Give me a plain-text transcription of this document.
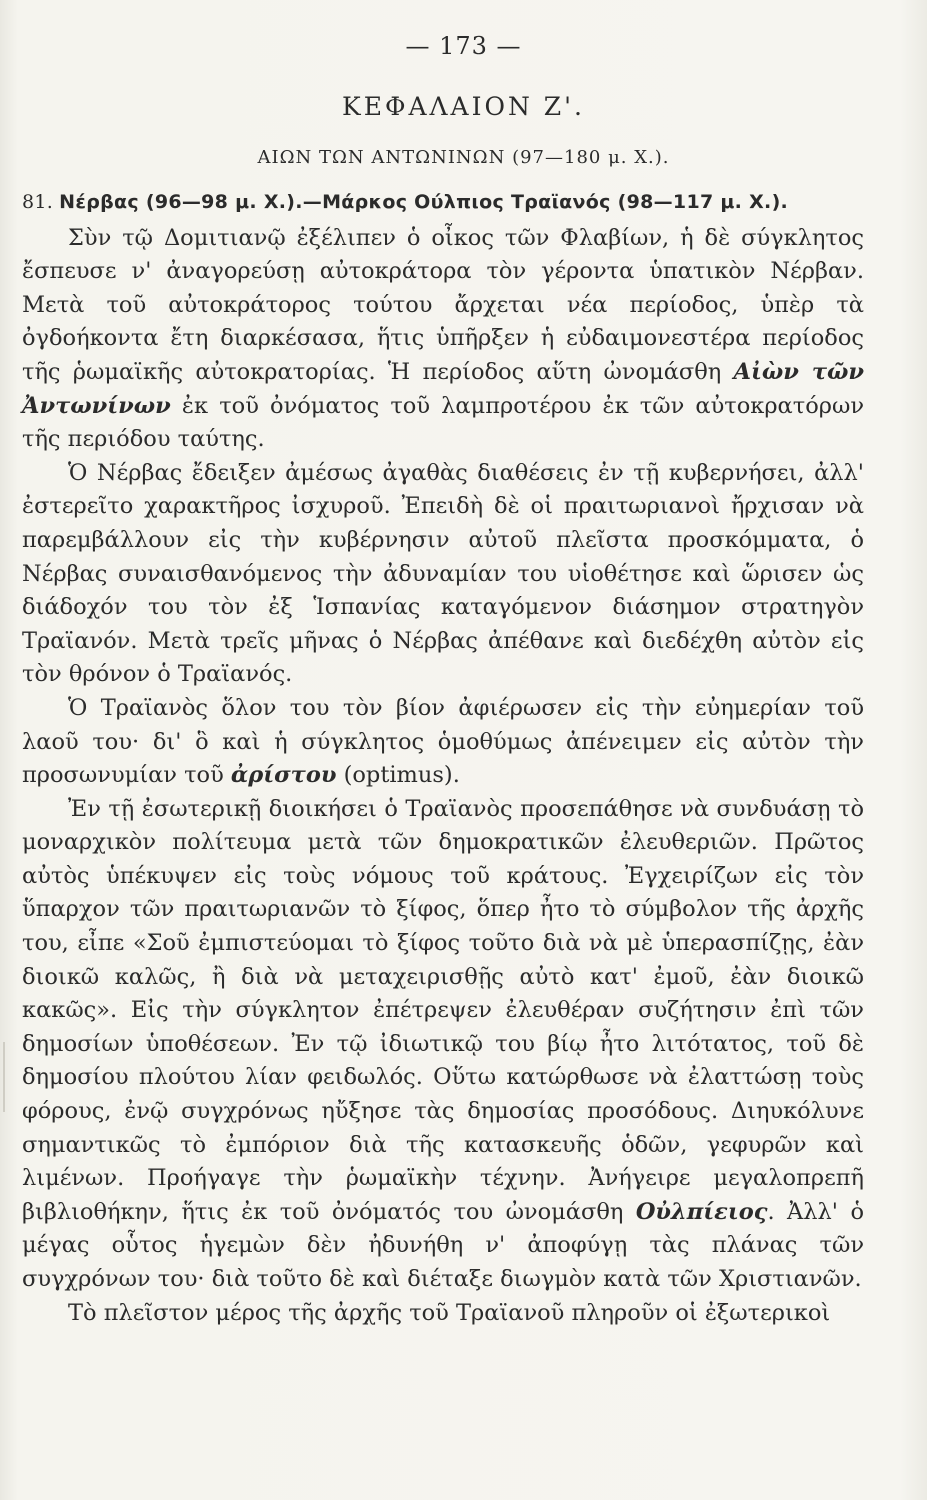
— 173 —
ΚΕΦΑΛΑΙΟΝ Ζ'.
ΑΙΩΝ ΤΩΝ ΑΝΤΩΝΙΝΩΝ (97—180 μ. Χ.).

81. Νέρβας (96—98 μ. Χ.).—Μάρκος Ούλπιος Τραϊανός (98—117 μ. Χ.).

Σὺν τῷ Δομιτιανῷ ἐξέλιπεν ὁ οἶκος τῶν Φλαβίων, ἡ δὲ σύγκλητος ἔσπευσε ν' ἀναγορεύσῃ αὐτοκράτορα τὸν γέροντα ὑπατικὸν Νέρβαν. Μετὰ τοῦ αὐτοκράτορος τούτου ἄρχεται νέα περίοδος, ὑπὲρ τὰ ὀγδοήκοντα ἔτη διαρκέσασα, ἥτις ὑπῆρξεν ἡ εὐδαιμονεστέρα περίοδος τῆς ῥωμαϊκῆς αὐτοκρατορίας. Ἡ περίοδος αὕτη ὠνομάσθη Αἰὼν τῶν Ἀντωνίνων ἐκ τοῦ ὀνόματος τοῦ λαμπροτέρου ἐκ τῶν αὐτοκρατόρων τῆς περιόδου ταύτης.

Ὁ Νέρβας ἔδειξεν ἀμέσως ἀγαθὰς διαθέσεις ἐν τῇ κυβερνήσει, ἀλλ' ἐστερεῖτο χαρακτῆρος ἰσχυροῦ. Ἐπειδὴ δὲ οἱ πραιτωριανοὶ ἤρχισαν νὰ παρεμβάλλουν εἰς τὴν κυβέρνησιν αὐτοῦ πλεῖστα προσκόμματα, ὁ Νέρβας συναισθανόμενος τὴν ἀδυναμίαν του υἱοθέτησε καὶ ὥρισεν ὡς διάδοχόν του τὸν ἐξ Ἱσπανίας καταγόμενον διάσημον στρατηγὸν Τραϊανόν. Μετὰ τρεῖς μῆνας ὁ Νέρβας ἀπέθανε καὶ διεδέχθη αὐτὸν εἰς τὸν θρόνον ὁ Τραϊανός.

Ὁ Τραϊανὸς ὅλον του τὸν βίον ἀφιέρωσεν εἰς τὴν εὐημερίαν τοῦ λαοῦ του· δι' ὃ καὶ ἡ σύγκλητος ὁμοθύμως ἀπένειμεν εἰς αὐτὸν τὴν προσωνυμίαν τοῦ ἀρίστου (optimus).

Ἐν τῇ ἐσωτερικῇ διοικήσει ὁ Τραϊανὸς προσεπάθησε νὰ συνδυάσῃ τὸ μοναρχικὸν πολίτευμα μετὰ τῶν δημοκρατικῶν ἐλευθεριῶν. Πρῶτος αὐτὸς ὑπέκυψεν εἰς τοὺς νόμους τοῦ κράτους. Ἐγχειρίζων εἰς τὸν ὕπαρχον τῶν πραιτωριανῶν τὸ ξίφος, ὅπερ ἦτο τὸ σύμβολον τῆς ἀρχῆς του, εἶπε «Σοῦ ἐμπιστεύομαι τὸ ξίφος τοῦτο διὰ νὰ μὲ ὑπερασπίζῃς, ἐὰν διοικῶ καλῶς, ἢ διὰ νὰ μεταχειρισθῇς αὐτὸ κατ' ἐμοῦ, ἐὰν διοικῶ κακῶς». Εἰς τὴν σύγκλητον ἐπέτρεψεν ἐλευθέραν συζήτησιν ἐπὶ τῶν δημοσίων ὑποθέσεων. Ἐν τῷ ἰδιωτικῷ του βίῳ ἦτο λιτότατος, τοῦ δὲ δημοσίου πλούτου λίαν φειδωλός. Οὕτω κατώρθωσε νὰ ἐλαττώσῃ τοὺς φόρους, ἐνῷ συγχρόνως ηὔξησε τὰς δημοσίας προσόδους. Διηυκόλυνε σημαντικῶς τὸ ἐμπόριον διὰ τῆς κατασκευῆς ὁδῶν, γεφυρῶν καὶ λιμένων. Προήγαγε τὴν ῥωμαϊκὴν τέχνην. Ἀνήγειρε μεγαλοπρεπῆ βιβλιοθήκην, ἥτις ἐκ τοῦ ὀνόματός του ὠνομάσθη Οὐλπίειος. Ἀλλ' ὁ μέγας οὗτος ἡγεμὼν δὲν ἠδυνήθη ν' ἀποφύγῃ τὰς πλάνας τῶν συγχρόνων του· διὰ τοῦτο δὲ καὶ διέταξε διωγμὸν κατὰ τῶν Χριστιανῶν.

Τὸ πλεῖστον μέρος τῆς ἀρχῆς τοῦ Τραϊανοῦ πληροῦν οἱ ἐξωτερικοὶ
